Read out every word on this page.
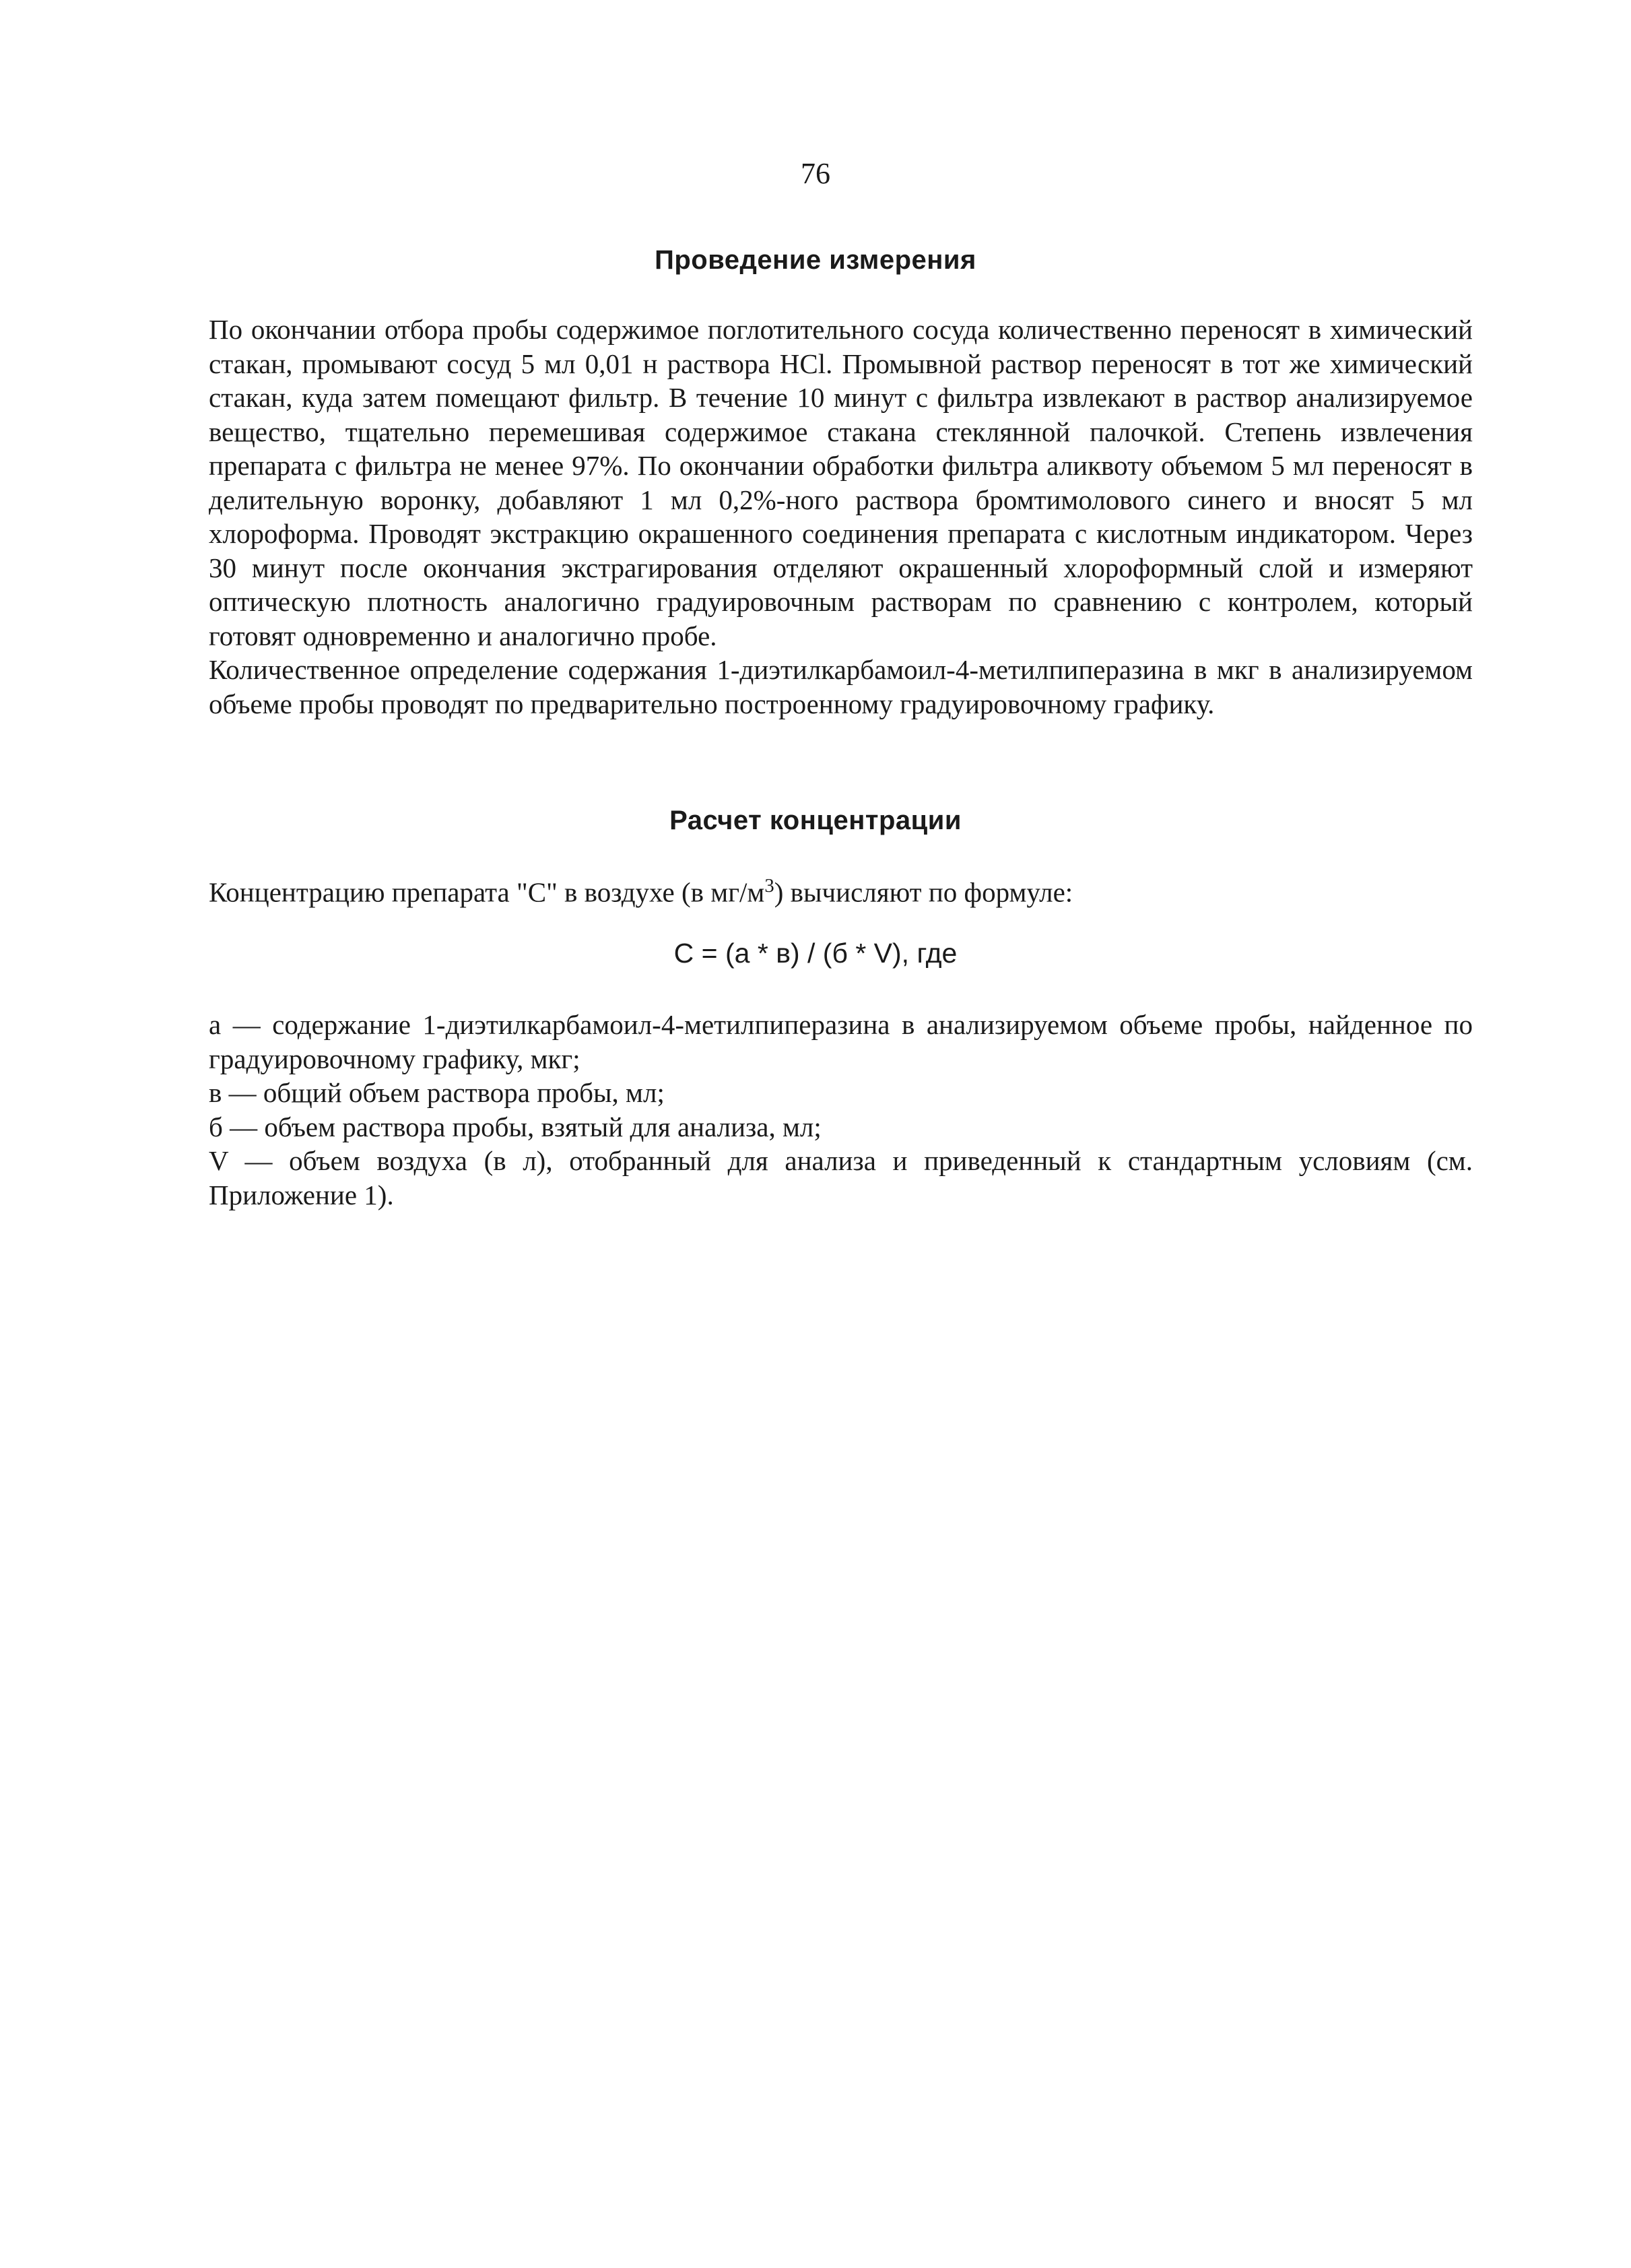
76
Проведение измерения

По окончании отбора пробы содержимое поглотительного сосуда количественно переносят в химический стакан, промывают сосуд 5 мл 0,01 н раствора HCl. Промывной раствор переносят в тот же химический стакан, куда затем помещают фильтр. В течение 10 минут с фильтра извлекают в раствор анализируемое вещество, тщательно перемешивая содержимое стакана стеклянной палочкой. Степень извлечения препарата с фильтра не менее 97%. По окончании обработки фильтра аликвоту объемом 5 мл переносят в делительную воронку, добавляют 1 мл 0,2%-ного раствора бромтимолового синего и вносят 5 мл хлороформа. Проводят экстракцию окрашенного соединения препарата с кислотным индикатором. Через 30 минут после окончания экстрагирования отделяют окрашенный хлороформный слой и измеряют оптическую плотность аналогично градуировочным растворам по сравнению с контролем, который готовят одновременно и аналогично пробе.

Количественное определение содержания 1-диэтилкарбамоил-4-метилпиперазина в мкг в анализируемом объеме пробы проводят по предварительно построенному градуировочному графику.

Расчет концентрации
Концентрацию препарата "С" в воздухе (в $мг/м^3$) вычисляют по формуле:
С = (а * в) / (б * V), где

а — содержание 1-диэтилкарбамоил-4-метилпиперазина в анализируемом объеме пробы, найденное по градуировочному графику, мкг;

в — общий объем раствора пробы, мл;

б — объем раствора пробы, взятый для анализа, мл;

V — объем воздуха (в л), отобранный для анализа и приведенный к стандартным условиям (см. Приложение 1).
